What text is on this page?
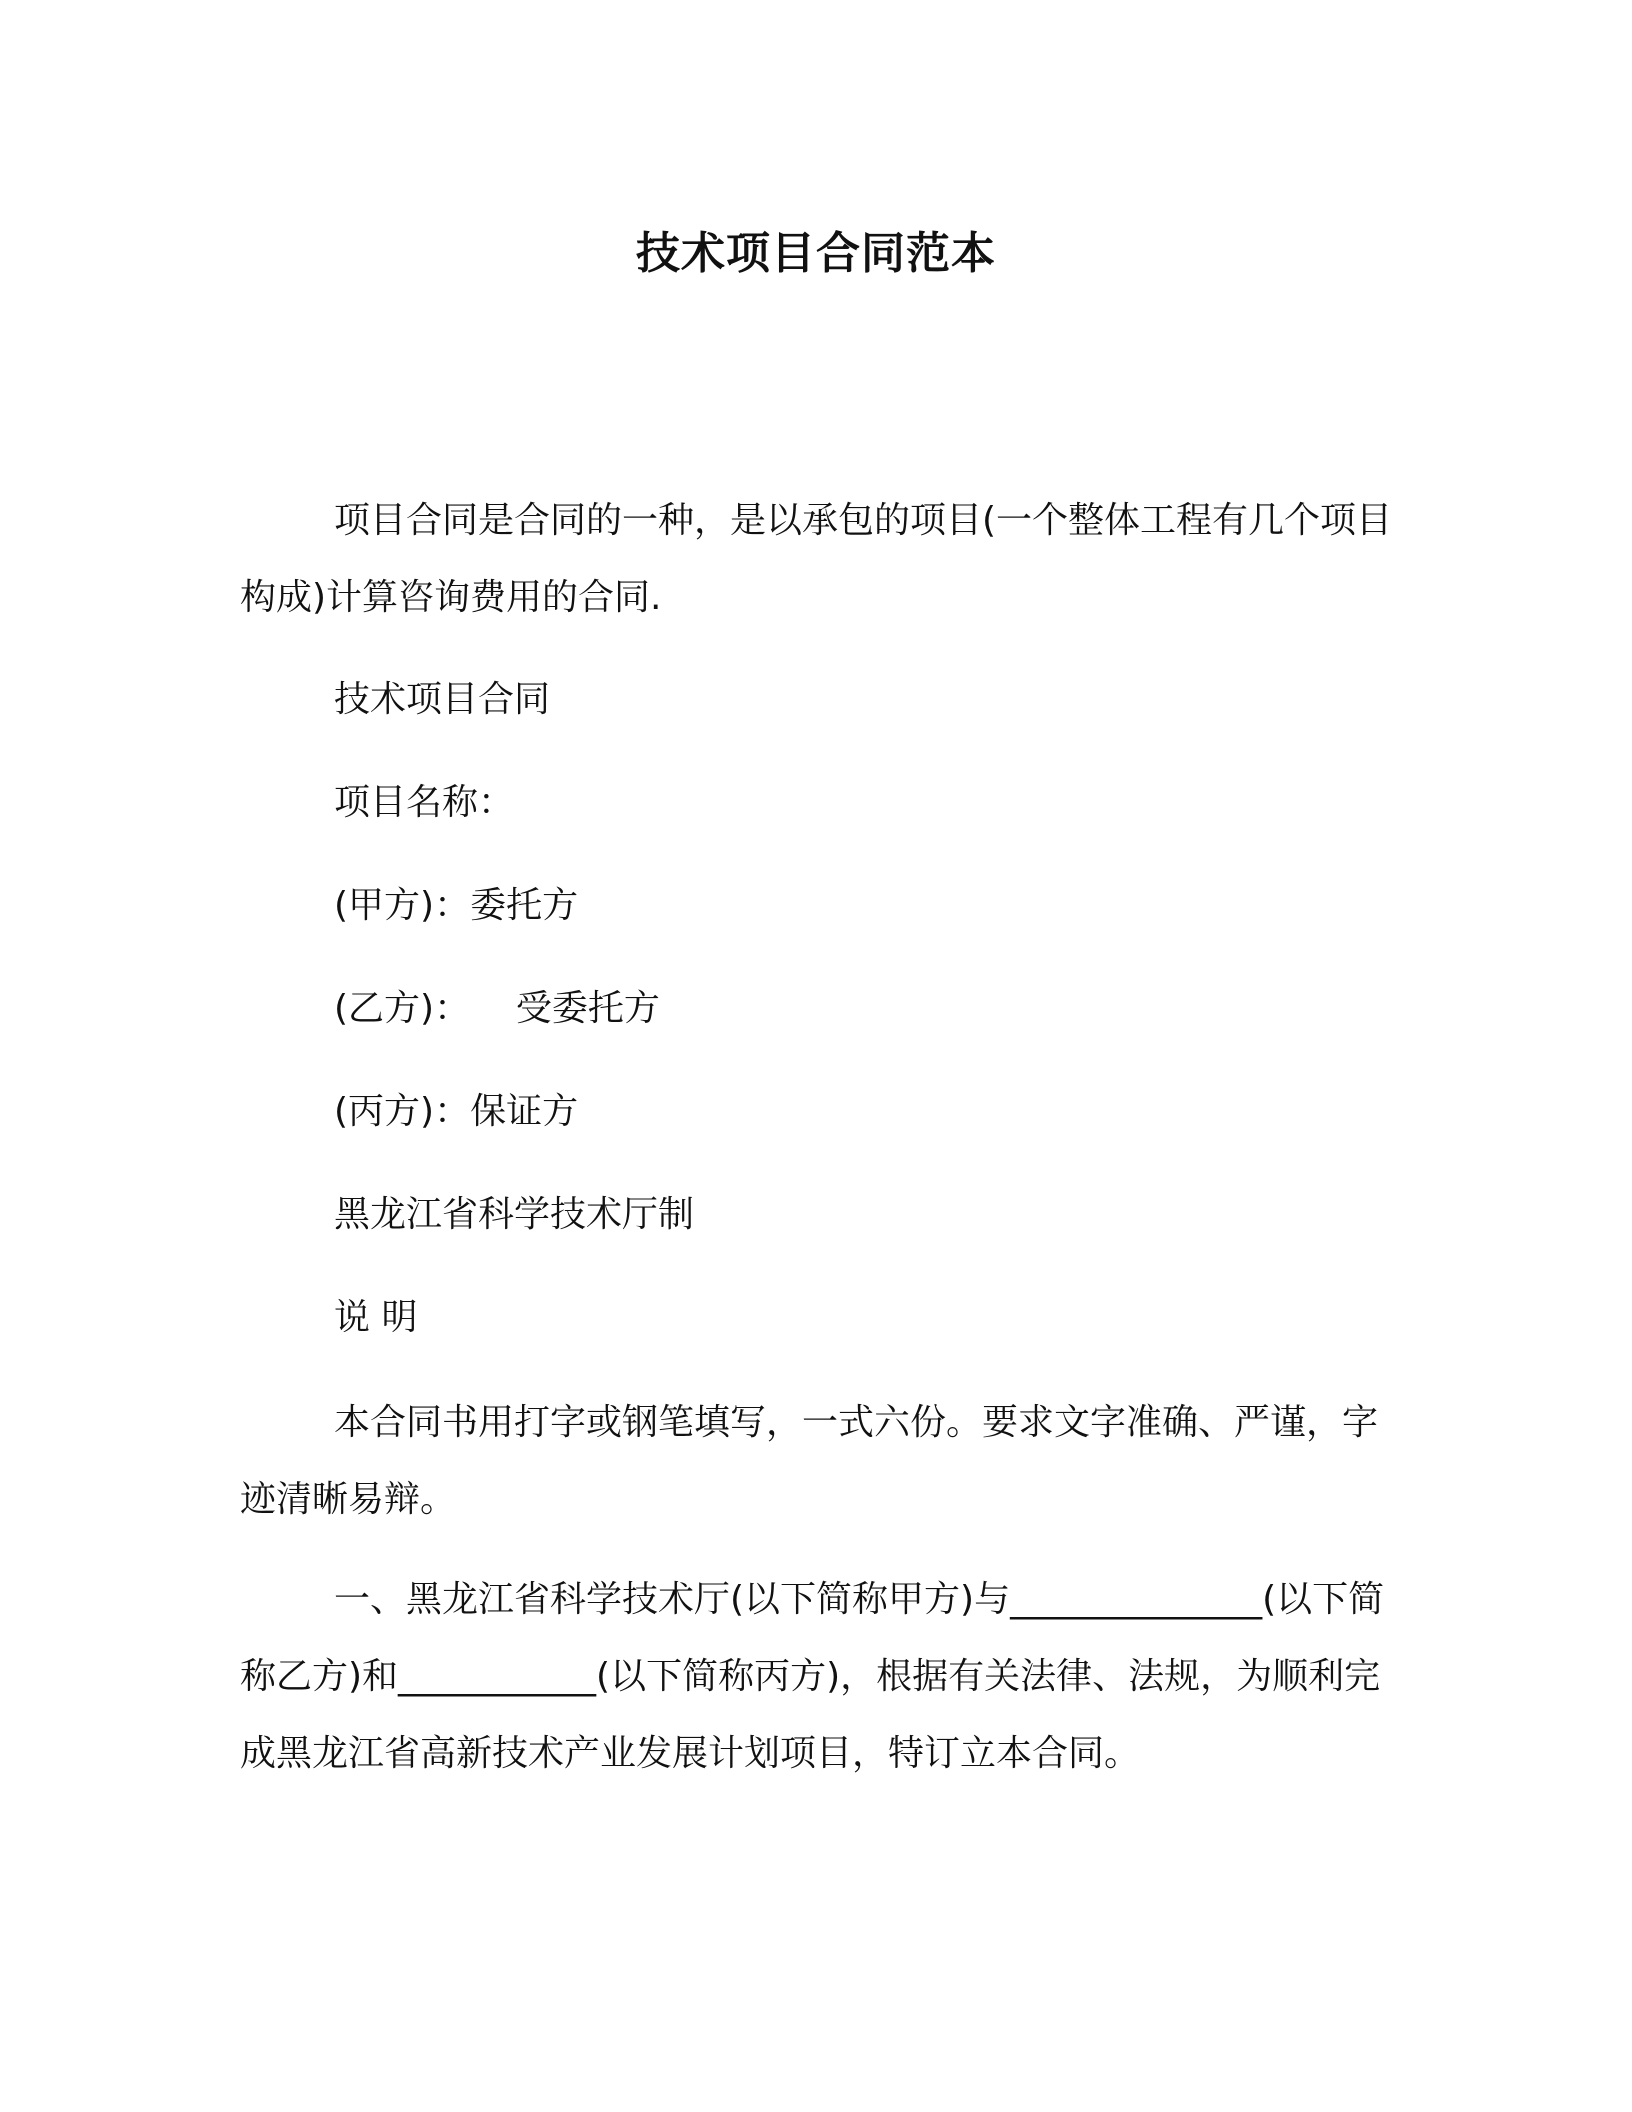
技术项目合同范本
项目合同是合同的一种，是以承包的项目(一个整体工程有几个项目构成)计算咨询费用的合同.
技术项目合同
项目名称：
(甲方)：委托方
(乙方)：    受委托方
(丙方)：保证方
黑龙江省科学技术厅制
说 明
本合同书用打字或钢笔填写，一式六份。要求文字准确、严谨，字迹清晰易辩。
一、黑龙江省科学技术厅(以下简称甲方)与______________(以下简称乙方)和___________(以下简称丙方)，根据有关法律、法规，为顺利完成黑龙江省高新技术产业发展计划项目，特订立本合同。
